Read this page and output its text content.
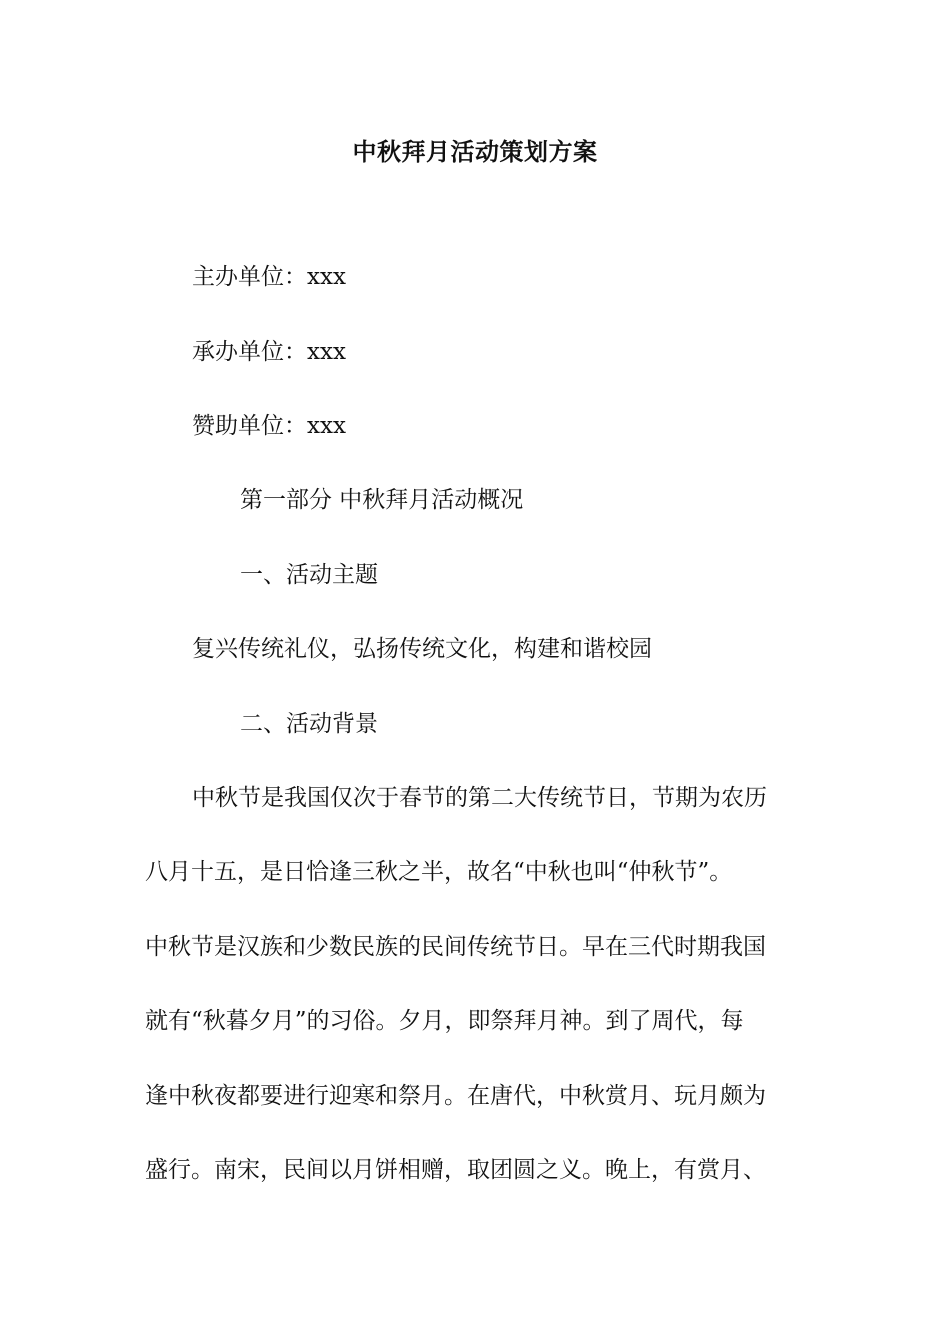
中秋拜月活动策划方案
主办单位：xxx
承办单位：xxx
赞助单位：xxx
第一部分 中秋拜月活动概况
一、活动主题
复兴传统礼仪，弘扬传统文化，构建和谐校园
二、活动背景
中秋节是我国仅次于春节的第二大传统节日，节期为农历
八月十五，是日恰逢三秋之半，故名“中秋也叫“仲秋节”。
中秋节是汉族和少数民族的民间传统节日。早在三代时期我国
就有“秋暮夕月”的习俗。夕月，即祭拜月神。到了周代，每
逢中秋夜都要进行迎寒和祭月。在唐代，中秋赏月、玩月颇为
盛行。南宋，民间以月饼相赠，取团圆之义。晚上，有赏月、
